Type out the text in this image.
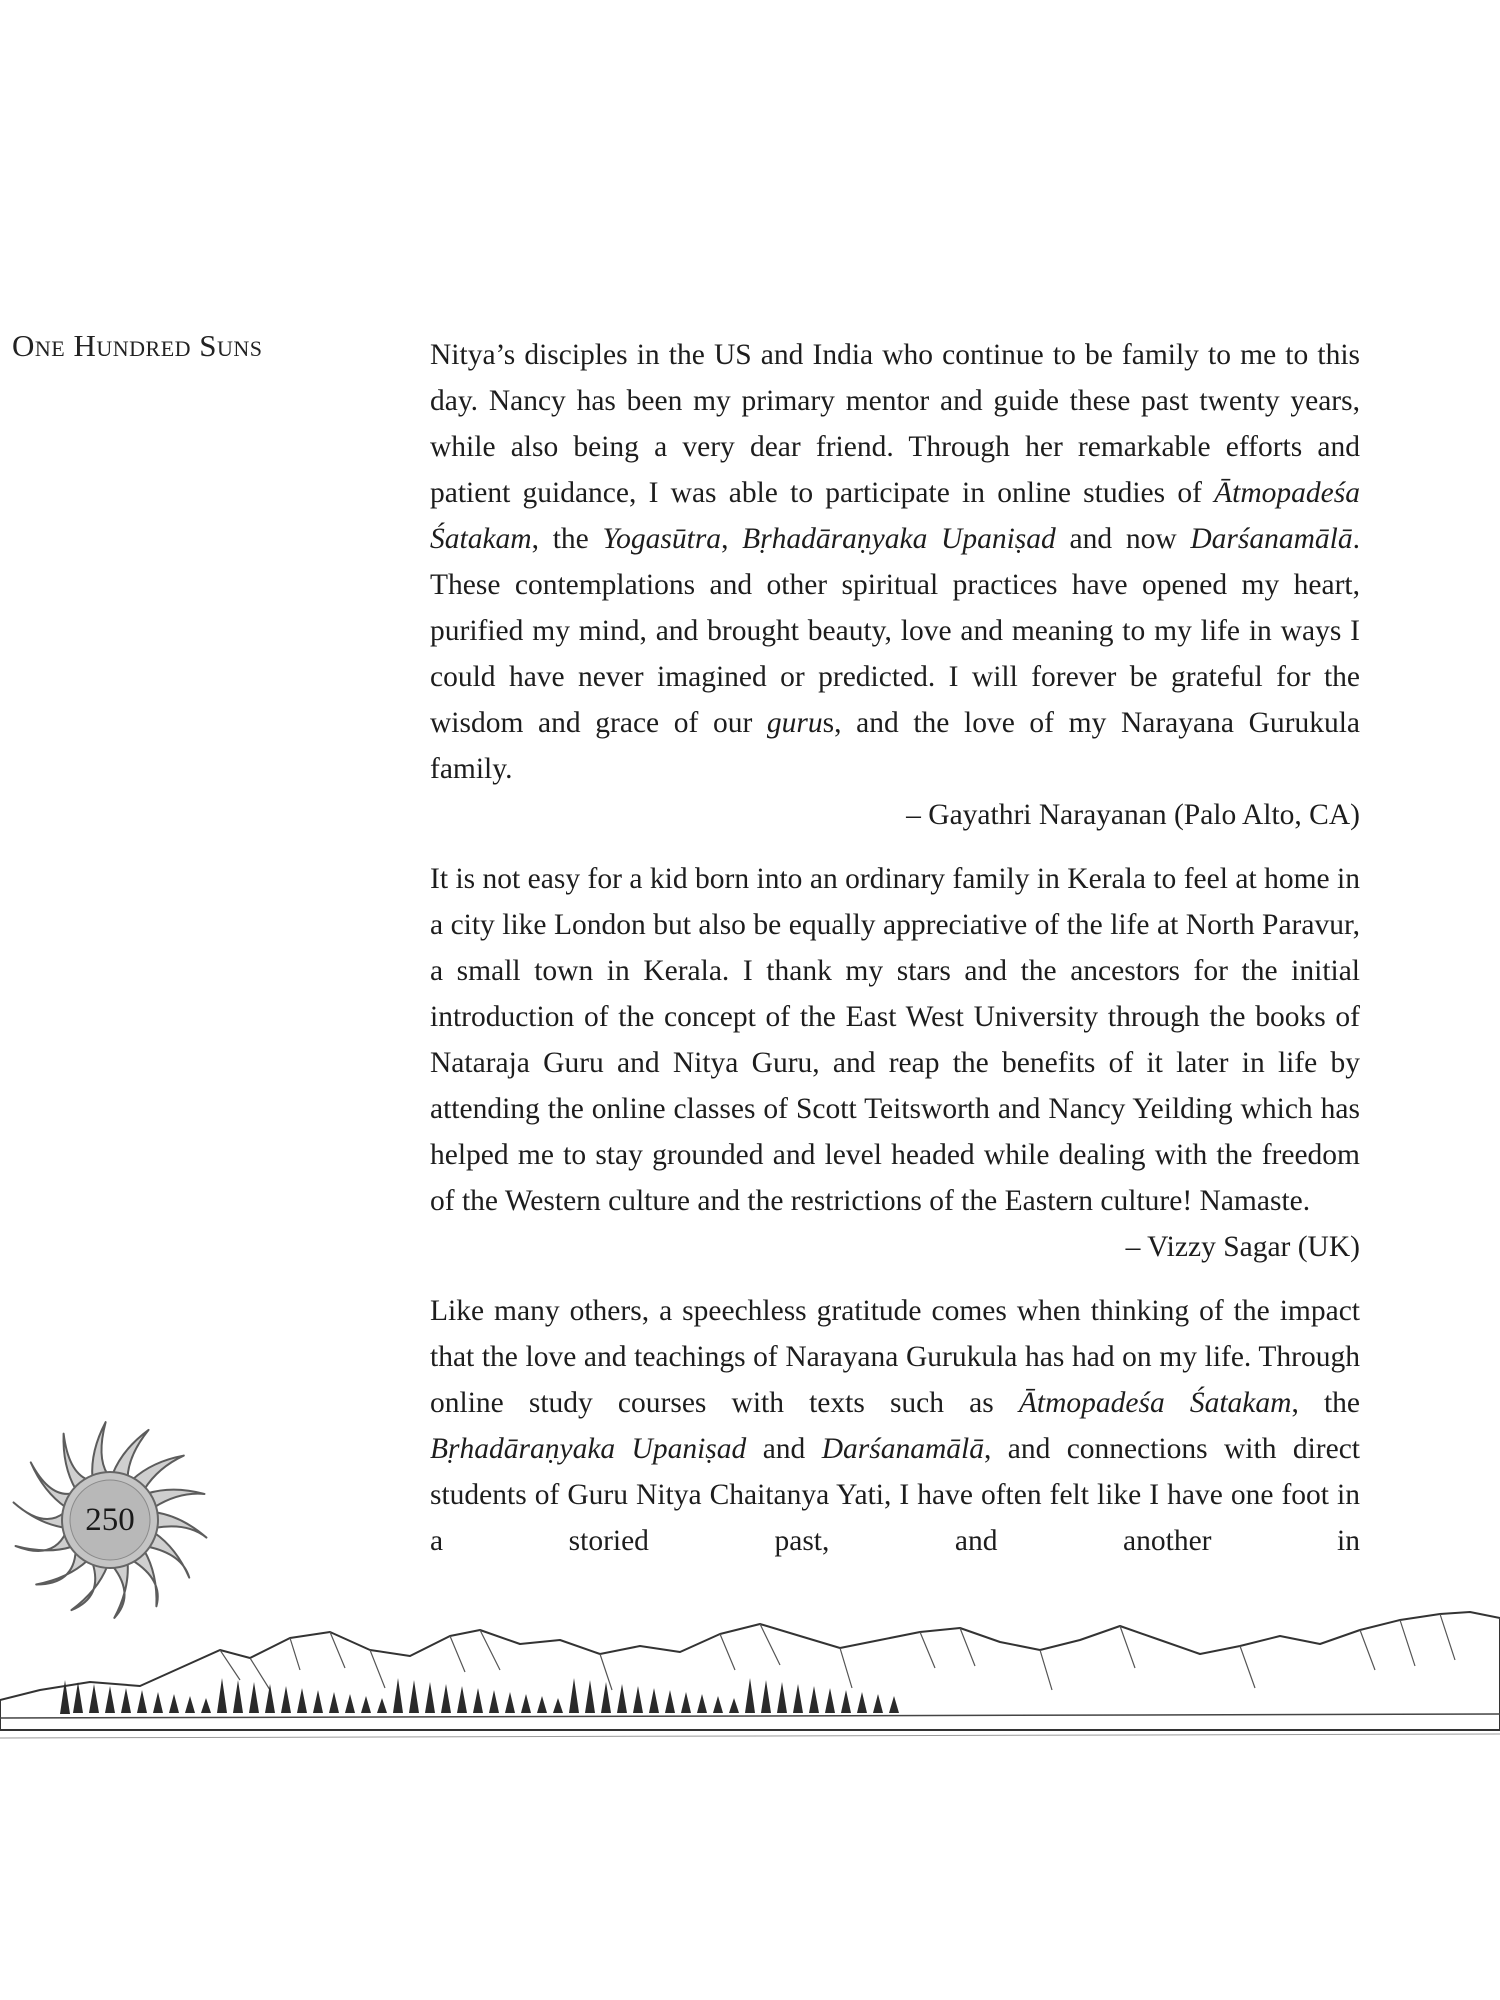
One Hundred Suns	Nitya’s disciples in the US and India who continue to be family to me to this day. Nancy has been my primary mentor and guide these past twenty years, while also being a very dear friend. Through her remarkable efforts and patient guidance, I was able to participate in online studies of Ātmopadeśa Śatakam, the Yogasūtra, Bṛhadāraṇyaka Upaniṣad and now Darśanamālā. These contemplations and other spiritual practices have opened my heart, purified my mind, and brought beauty, love and meaning to my life in ways I could have never imagined or predicted. I will forever be grateful for the wisdom and grace of our gurus, and the love of my Narayana Gurukula family.

– Gayathri Narayanan (Palo Alto, CA)

It is not easy for a kid born into an ordinary family in Kerala to feel at home in a city like London but also be equally appreciative of the life at North Paravur, a small town in Kerala. I thank my stars and the ancestors for the initial introduction of the concept of the East West University through the books of Nataraja Guru and Nitya Guru, and reap the benefits of it later in life by attending the online classes of Scott Teitsworth and Nancy Yeilding which has helped me to stay grounded and level headed while dealing with the freedom of the Western culture and the restrictions of the Eastern culture! Namaste.

– Vizzy Sagar (UK)

Like many others, a speechless gratitude comes when thinking of the impact that the love and teachings of Narayana Gurukula has had on my life. Through online study courses with texts such as Ātmopadeśa Śatakam, the Bṛhadāraṇyaka Upaniṣad and Darśanamālā, and connections with direct students of Guru Nitya Chaitanya Yati, I have often felt like I have one foot in a storied past, and another in

250
